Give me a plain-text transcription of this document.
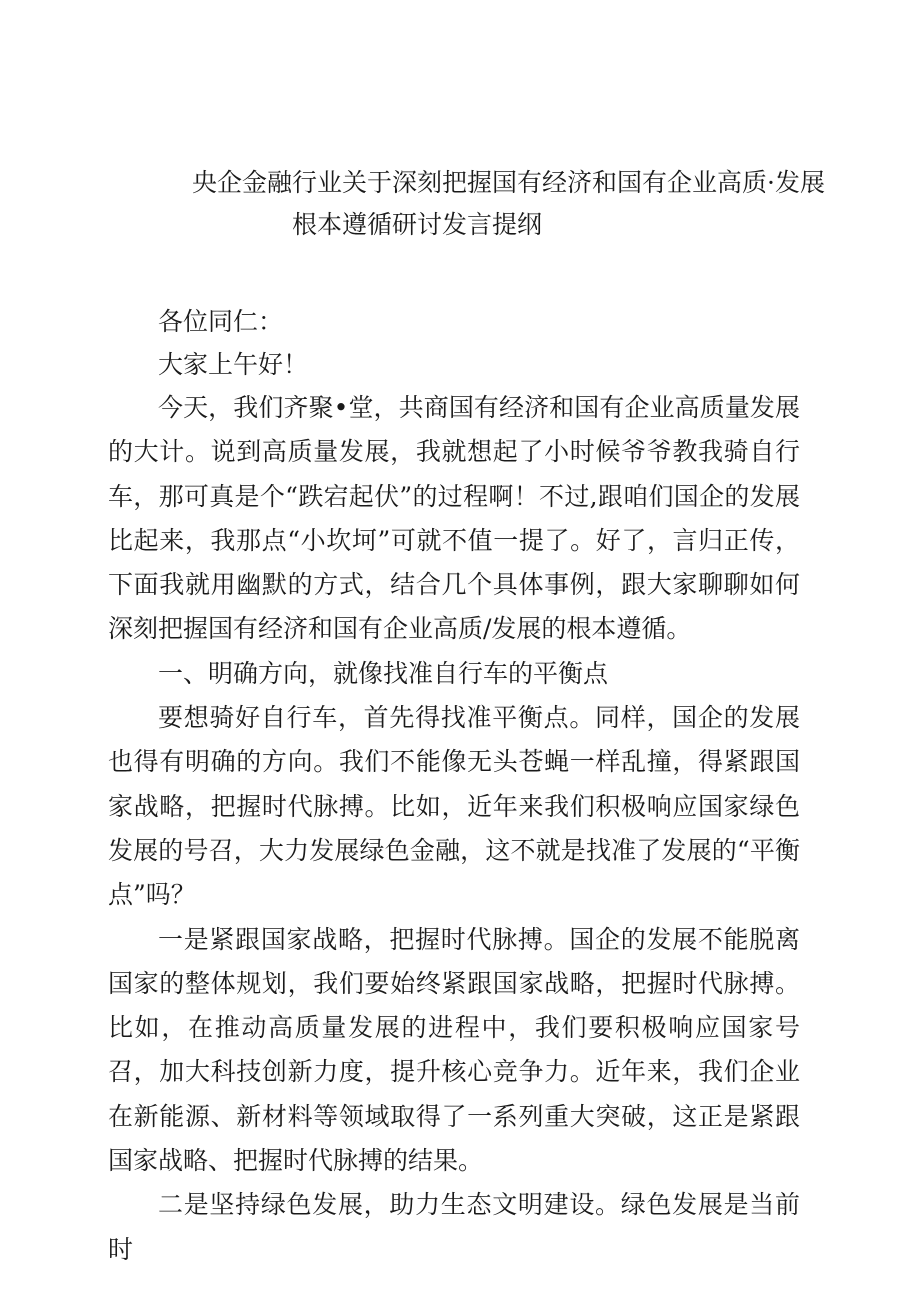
央企金融行业关于深刻把握国有经济和国有企业高质·发展
根本遵循研讨发言提纲

各位同仁：

大家上午好！

今天，我们齐聚•堂，共商国有经济和国有企业高质量发展的大计。说到高质量发展，我就想起了小时候爷爷教我骑自行车，那可真是个“跌宕起伏”的过程啊！不过,跟咱们国企的发展比起来，我那点“小坎坷”可就不值一提了。好了，言归正传，下面我就用幽默的方式，结合几个具体事例，跟大家聊聊如何深刻把握国有经济和国有企业高质/发展的根本遵循。

一、明确方向，就像找准自行车的平衡点

要想骑好自行车，首先得找准平衡点。同样，国企的发展也得有明确的方向。我们不能像无头苍蝇一样乱撞，得紧跟国家战略，把握时代脉搏。比如，近年来我们积极响应国家绿色发展的号召，大力发展绿色金融，这不就是找准了发展的“平衡点”吗？

一是紧跟国家战略，把握时代脉搏。国企的发展不能脱离国家的整体规划，我们要始终紧跟国家战略，把握时代脉搏。比如，在推动高质量发展的进程中，我们要积极响应国家号召，加大科技创新力度，提升核心竞争力。近年来，我们企业在新能源、新材料等领域取得了一系列重大突破，这正是紧跟国家战略、把握时代脉搏的结果。

二是坚持绿色发展，助力生态文明建设。绿色发展是当前时
